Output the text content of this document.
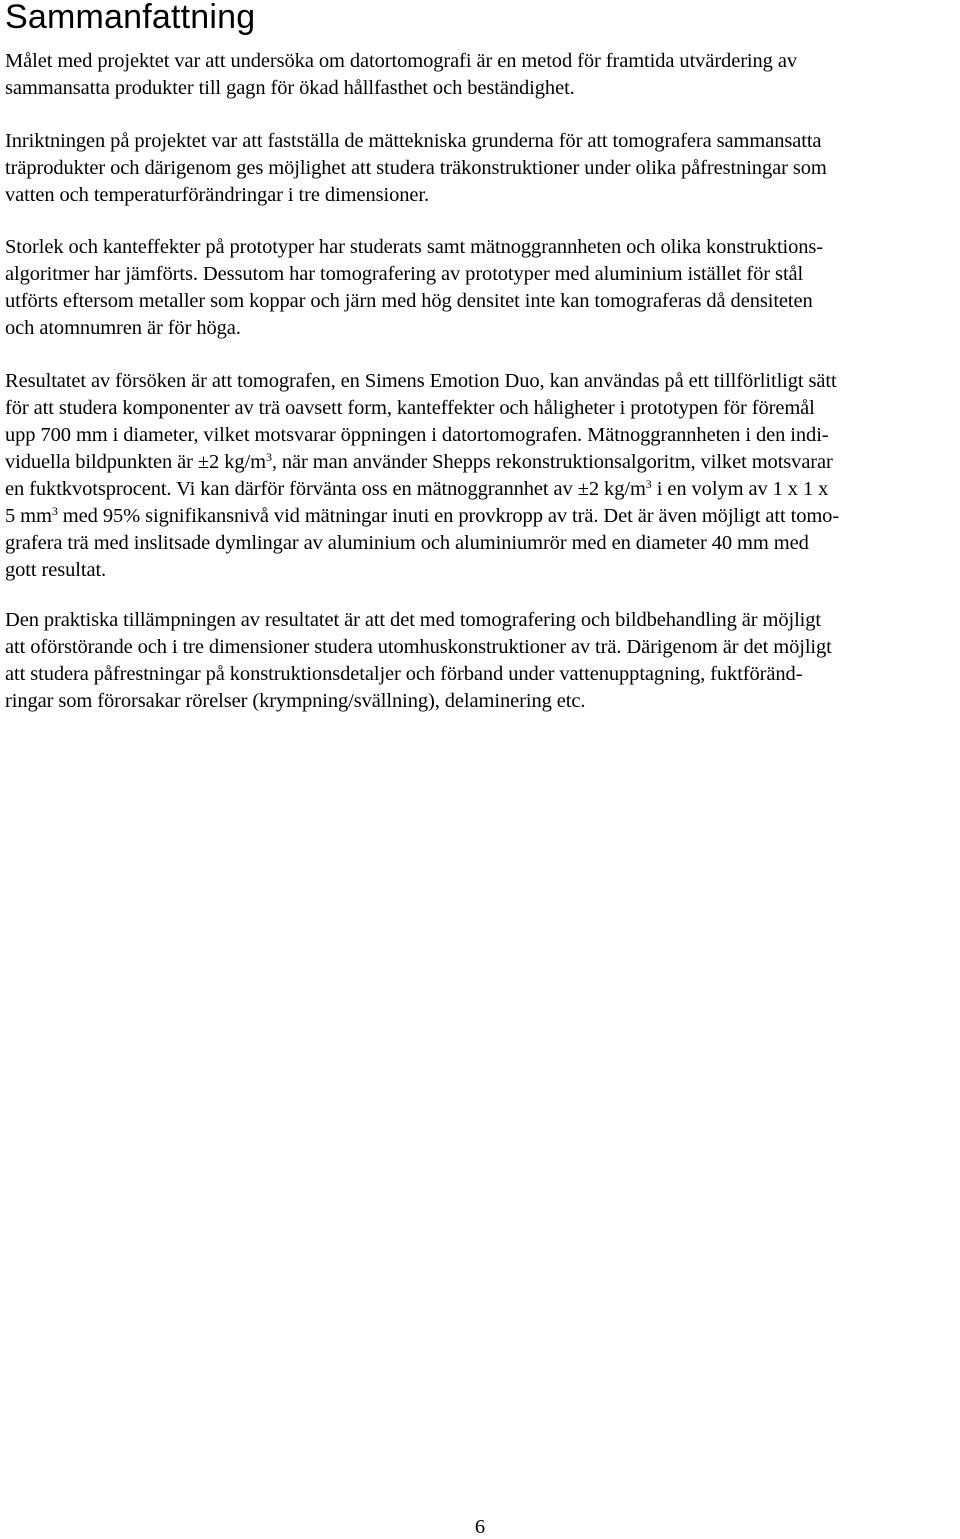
Sammanfattning

Målet med projektet var att undersöka om datortomografi är en metod för framtida utvärdering av
sammansatta produkter till gagn för ökad hållfasthet och beständighet.

Inriktningen på projektet var att fastställa de mättekniska grunderna för att tomografera sammansatta
träprodukter och därigenom ges möjlighet att studera träkonstruktioner under olika påfrestningar som
vatten och temperaturförändringar i tre dimensioner.

Storlek och kanteffekter på prototyper har studerats samt mätnoggrannheten och olika konstruktions-
algoritmer har jämförts. Dessutom har tomografering av prototyper med aluminium istället för stål
utförts eftersom metaller som koppar och järn med hög densitet inte kan tomograferas då densiteten
och atomnumren är för höga.

Resultatet av försöken är att tomografen, en Simens Emotion Duo, kan användas på ett tillförlitligt sätt
för att studera komponenter av trä oavsett form, kanteffekter och håligheter i prototypen för föremål
upp 700 mm i diameter, vilket motsvarar öppningen i datortomografen. Mätnoggrannheten i den indi-
viduella bildpunkten är ±2 $kg/m^3$, när man använder Shepps rekonstruktionsalgoritm, vilket motsvarar
en fuktkvotsprocent. Vi kan därför förvänta oss en mätnoggrannhet av ±2 $kg/m^3$ i en volym av 1 x 1 x
5 $mm^3$ med 95% signifikansnivå vid mätningar inuti en provkropp av trä. Det är även möjligt att tomo-
grafera trä med inslitsade dymlingar av aluminium och aluminiumrör med en diameter 40 mm med
gott resultat.

Den praktiska tillämpningen av resultatet är att det med tomografering och bildbehandling är möjligt
att oförstörande och i tre dimensioner studera utomhuskonstruktioner av trä. Därigenom är det möjligt
att studera påfrestningar på konstruktionsdetaljer och förband under vattenupptagning, fuktföränd-
ringar som förorsakar rörelser (krympning/svällning), delaminering etc.

6
